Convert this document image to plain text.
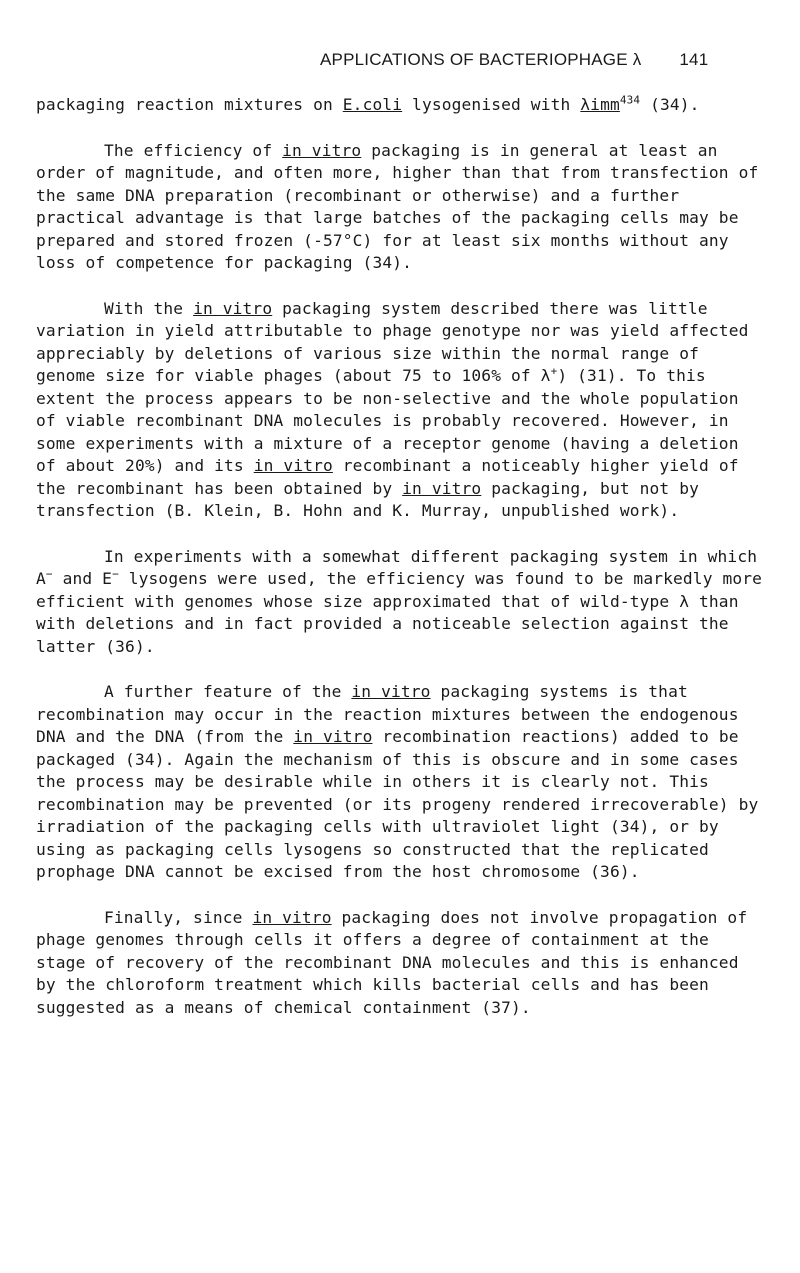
APPLICATIONS OF BACTERIOPHAGE λ 141

packaging reaction mixtures on E.coli lysogenised with λimm$^{434}$ (34).

The efficiency of in vitro packaging is in general at least an order of magnitude, and often more, higher than that from transfection of the same DNA preparation (recombinant or otherwise) and a further practical advantage is that large batches of the packaging cells may be prepared and stored frozen (-57°C) for at least six months without any loss of competence for packaging (34).

With the in vitro packaging system described there was little variation in yield attributable to phage genotype nor was yield affected appreciably by deletions of various size within the normal range of genome size for viable phages (about 75 to 106% of λ+) (31). To this extent the process appears to be non-selective and the whole population of viable recombinant DNA molecules is probably recovered. However, in some experiments with a mixture of a receptor genome (having a deletion of about 20%) and its in vitro recombinant a noticeably higher yield of the recombinant has been obtained by in vitro packaging, but not by transfection (B. Klein, B. Hohn and K. Murray, unpublished work).

In experiments with a somewhat different packaging system in which A− and E− lysogens were used, the efficiency was found to be markedly more efficient with genomes whose size approximated that of wild-type λ than with deletions and in fact provided a noticeable selection against the latter (36).

A further feature of the in vitro packaging systems is that recombination may occur in the reaction mixtures between the endogenous DNA and the DNA (from the in vitro recombination reactions) added to be packaged (34). Again the mechanism of this is obscure and in some cases the process may be desirable while in others it is clearly not. This recombination may be prevented (or its progeny rendered irrecoverable) by irradiation of the packaging cells with ultraviolet light (34), or by using as packaging cells lysogens so constructed that the replicated prophage DNA cannot be excised from the host chromosome (36).

Finally, since in vitro packaging does not involve propagation of phage genomes through cells it offers a degree of containment at the stage of recovery of the recombinant DNA molecules and this is enhanced by the chloroform treatment which kills bacterial cells and has been suggested as a means of chemical containment (37).
